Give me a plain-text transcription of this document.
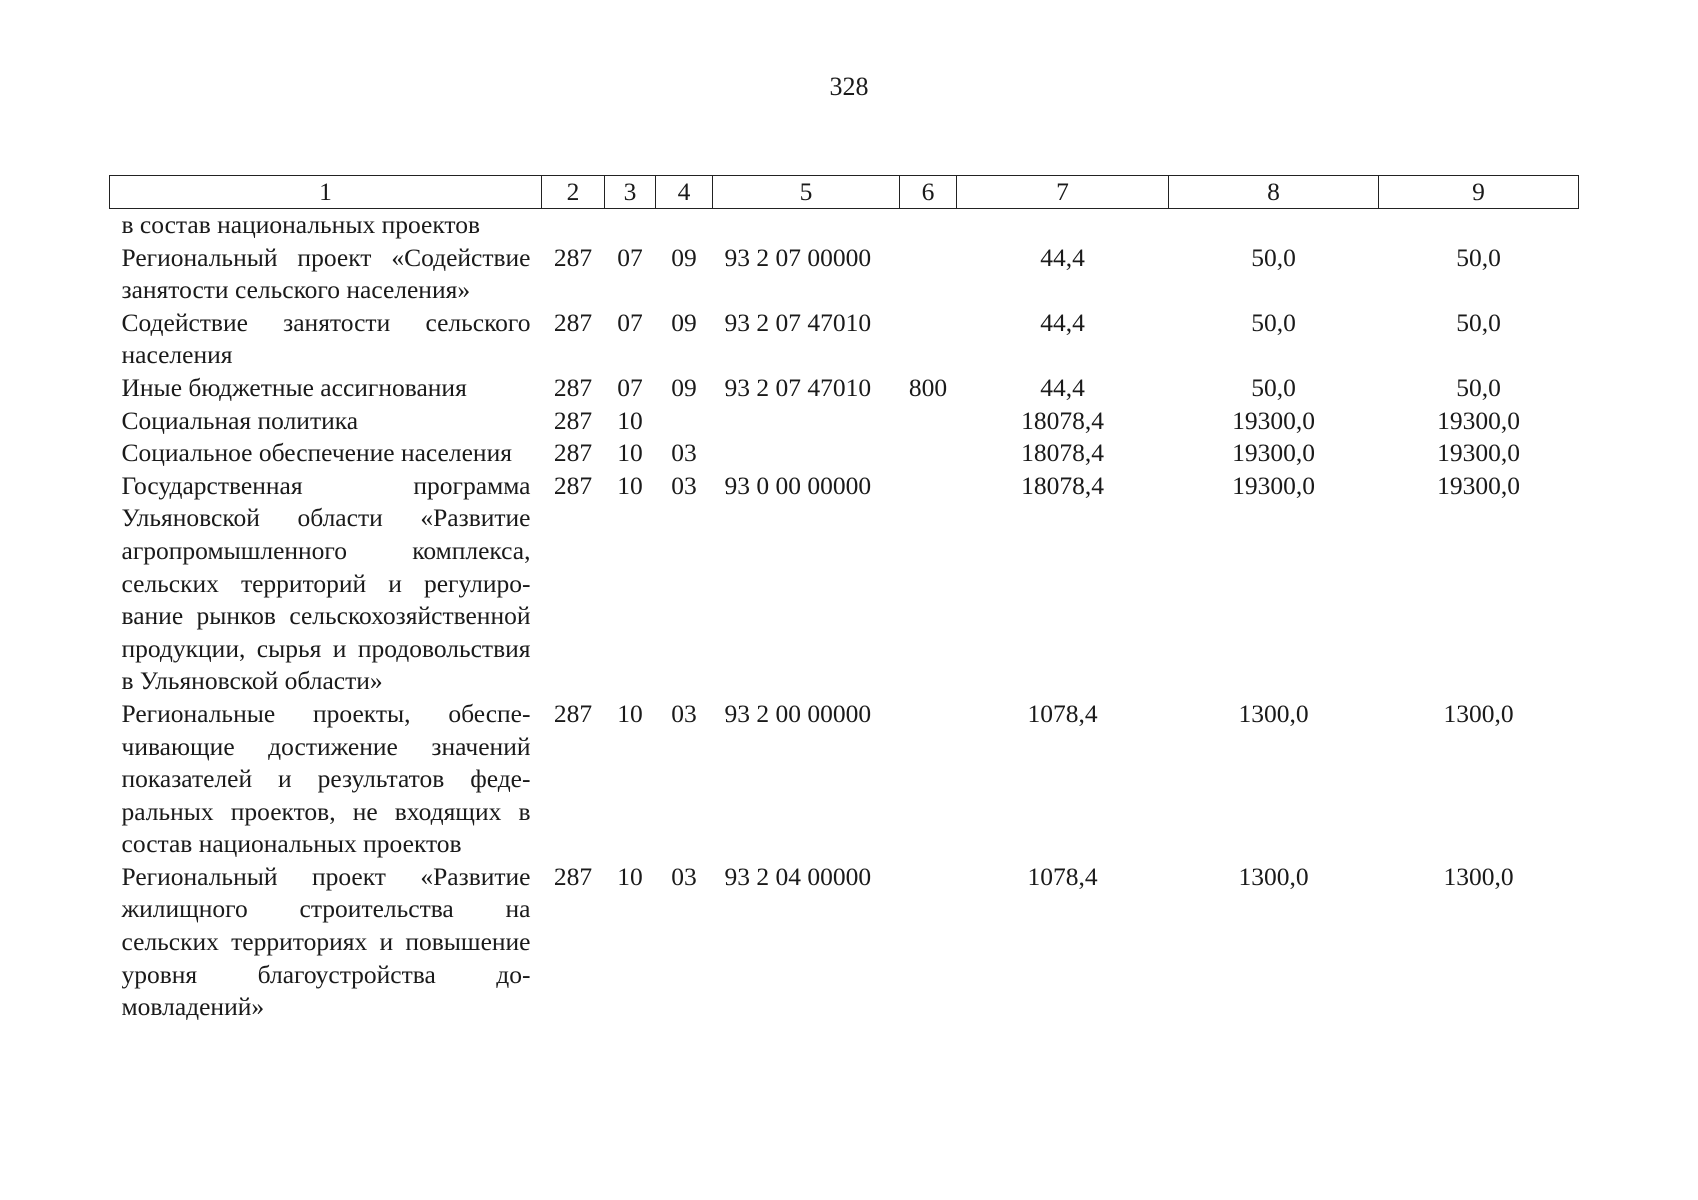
328
1	2	3	4	5	6	7	8	9
в состав национальных проектов								
Региональный проект «Содействие занятости сельского населения»	287	07	09	93 2 07 00000		44,4	50,0	50,0
Содействие занятости сельского населения	287	07	09	93 2 07 47010		44,4	50,0	50,0
Иные бюджетные ассигнования	287	07	09	93 2 07 47010	800	44,4	50,0	50,0
Социальная политика	287	10				18078,4	19300,0	19300,0
Социальное обеспечение населения	287	10	03			18078,4	19300,0	19300,0
Государственная программа Ульяновской области «Развитие агропромышленного комплекса, сельских территорий и регулирование рынков сельскохозяйственной продукции, сырья и продовольствия в Ульяновской области»	287	10	03	93 0 00 00000		18078,4	19300,0	19300,0
Региональные проекты, обеспечивающие достижение значений показателей и результатов федеральных проектов, не входящих в состав национальных проектов	287	10	03	93 2 00 00000		1078,4	1300,0	1300,0
Региональный проект «Развитие жилищного строительства на сельских территориях и повышение уровня благоустройства домовладений»	287	10	03	93 2 04 00000		1078,4	1300,0	1300,0
